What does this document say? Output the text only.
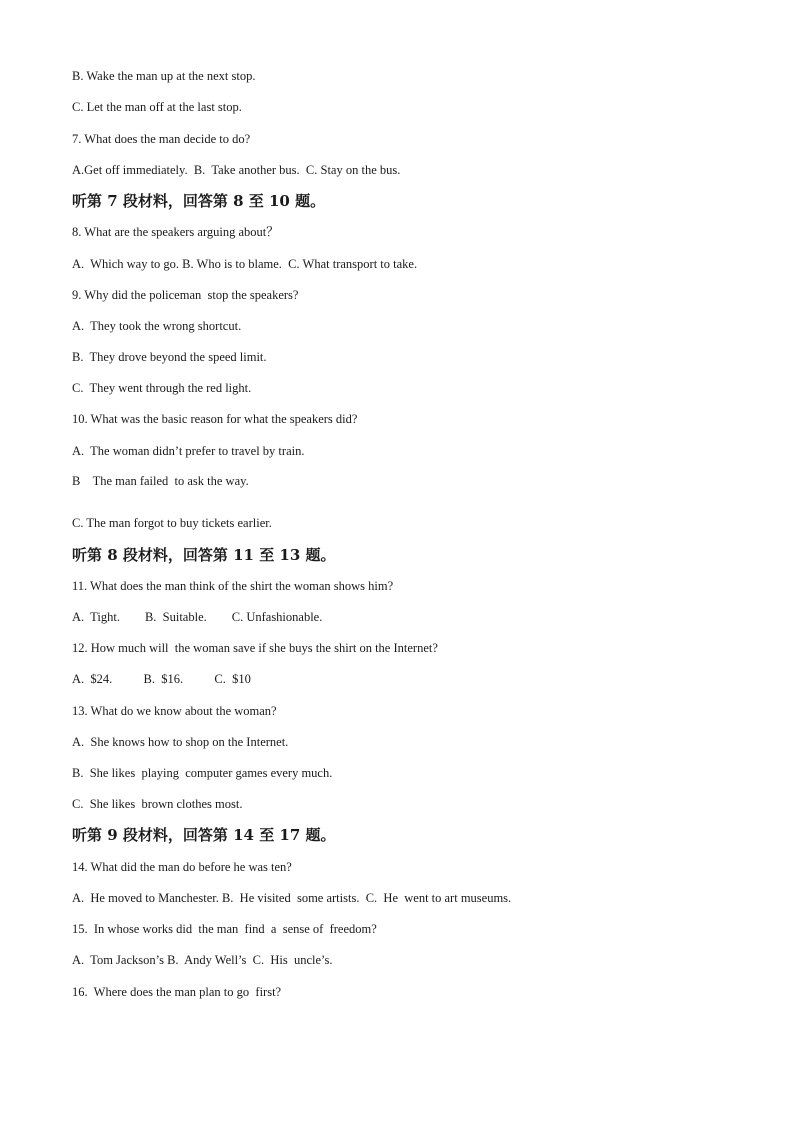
B. Wake the man up at the next stop.
C. Let the man off at the last stop.
7. What does the man decide to do?
A.Get off immediately.  B.  Take another bus.  C. Stay on the bus.
听第 7 段材料，回答第 8 至 10 题。
8. What are the speakers arguing about？
A.  Which way to go. B. Who is to blame.  C. What transport to take.
9. Why did the policeman  stop the speakers?
A.  They took the wrong shortcut.
B.  They drove beyond the speed limit.
C.  They went through the red light.
10. What was the basic reason for what the speakers did?
A.  The woman didn’t prefer to travel by train.
B    The man failed  to ask the way.
C. The man forgot to buy tickets earlier.
听第 8 段材料，回答第 11 至 13 题。
11. What does the man think of the shirt the woman shows him?
A.  Tight.        B.  Suitable.        C. Unfashionable.
12. How much will  the woman save if she buys the shirt on the Internet?
A.  $24.          B.  $16.          C.  $10
13. What do we know about the woman?
A.  She knows how to shop on the Internet.
B.  She likes  playing  computer games every much.
C.  She likes  brown clothes most.
听第 9 段材料，回答第 14 至 17 题。
14. What did the man do before he was ten?
A.  He moved to Manchester. B.  He visited  some artists.  C.  He  went to art museums.
15.  In whose works did  the man  find  a  sense of  freedom?
A.  Tom Jackson’s B.  Andy Well’s  C.  His  uncle’s.
16.  Where does the man plan to go  first?
